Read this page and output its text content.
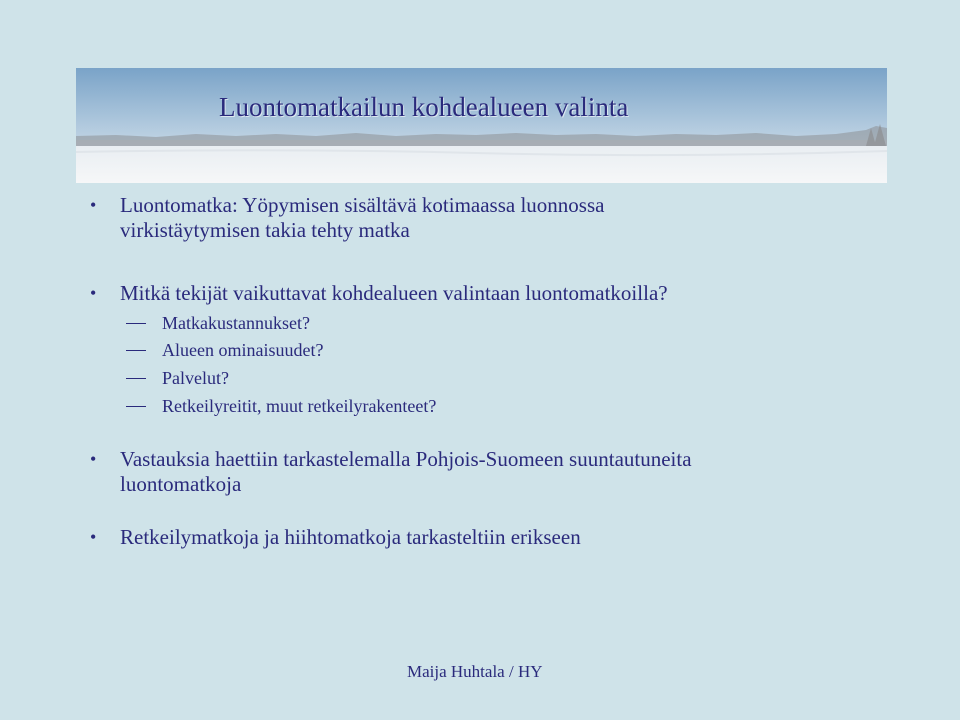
Luontomatkailun kohdealueen valinta
• Luontomatka: Yöpymisen sisältävä kotimaassa luonnossa
virkistäytymisen takia tehty matka
• Mitkä tekijät vaikuttavat kohdealueen valintaan luontomatkoilla?
Matkakustannukset?
Alueen ominaisuudet?
Palvelut?
Retkeilyreitit, muut retkeilyrakenteet?
• Vastauksia haettiin tarkastelemalla Pohjois-Suomeen suuntautuneita
luontomatkoja
• Retkeilymatkoja ja hiihtomatkoja tarkasteltiin erikseen
Maija Huhtala / HY
